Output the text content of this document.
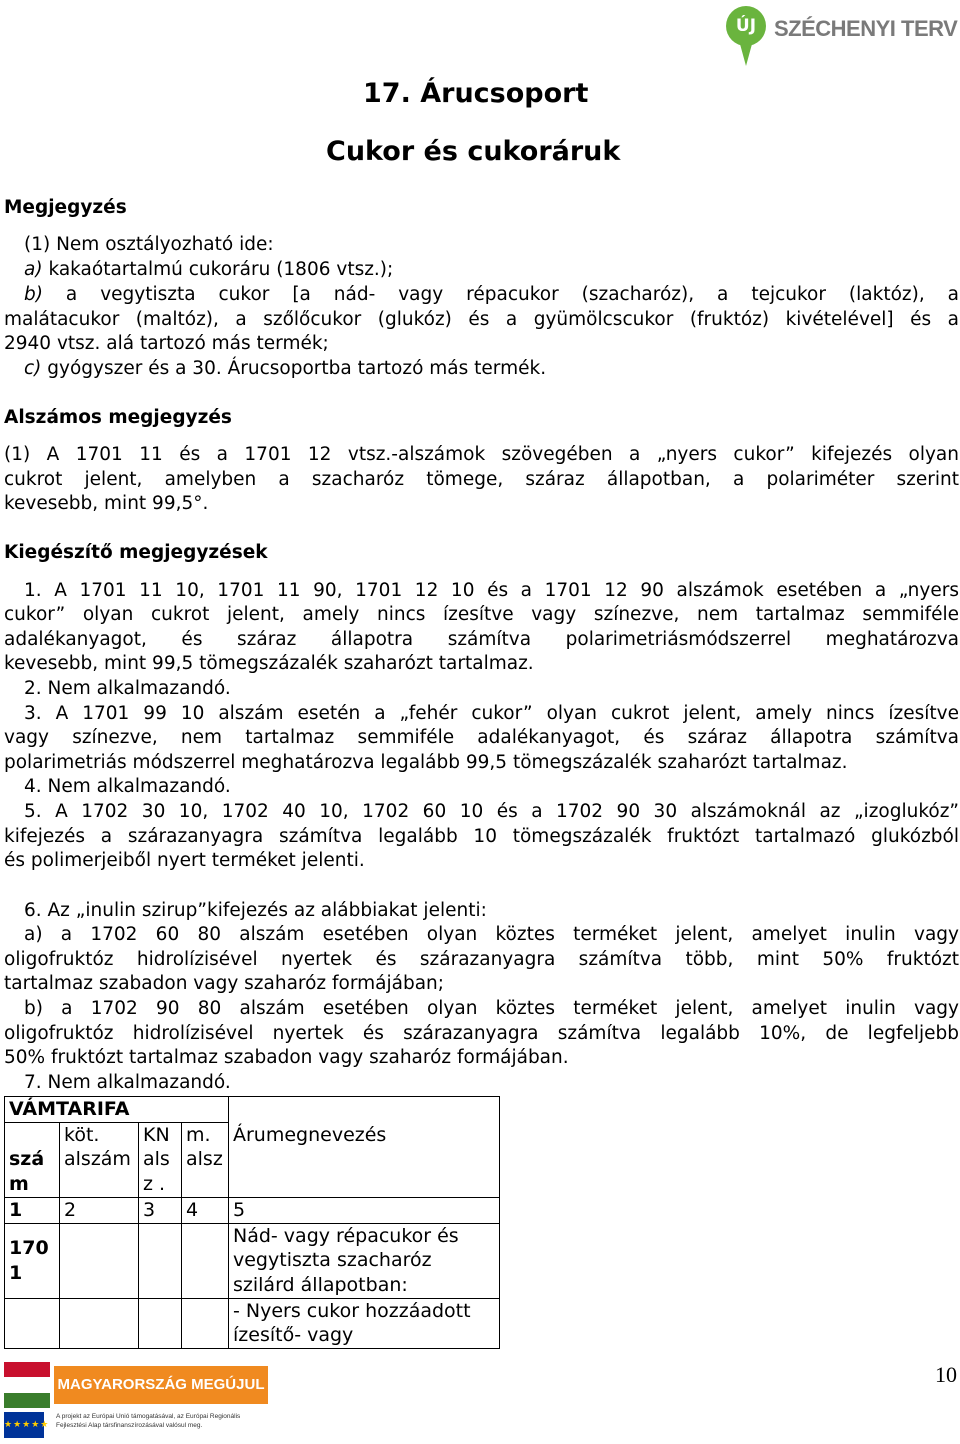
ÚJ SZÉCHENYI TERV
17. Árucsoport
Cukor és cukoráruk
Megjegyzés
(1) Nem osztályozható ide:
a) kakaótartalmú cukoráru (1806 vtsz.);
b) a vegytiszta cukor [a nád- vagy répacukor (szacharóz), a tejcukor (laktóz), a
malátacukor (maltóz), a szőlőcukor (glukóz) és a gyümölcscukor (fruktóz) kivételével] és a
2940 vtsz. alá tartozó más termék;
c) gyógyszer és a 30. Árucsoportba tartozó más termék.
Alszámos megjegyzés
(1) A 1701 11 és a 1701 12 vtsz.-alszámok szövegében a „nyers cukor” kifejezés olyan
cukrot jelent, amelyben a szacharóz tömege, száraz állapotban, a polariméter szerint
kevesebb, mint 99,5°.
Kiegészítő megjegyzések
1. A 1701 11 10, 1701 11 90, 1701 12 10 és a 1701 12 90 alszámok esetében a „nyers
cukor” olyan cukrot jelent, amely nincs ízesítve vagy színezve, nem tartalmaz semmiféle
adalékanyagot, és száraz állapotra számítva polarimetriásmódszerrel meghatározva
kevesebb, mint 99,5 tömegszázalék szaharózt tartalmaz.
2. Nem alkalmazandó.
3. A 1701 99 10 alszám esetén a „fehér cukor” olyan cukrot jelent, amely nincs ízesítve
vagy színezve, nem tartalmaz semmiféle adalékanyagot, és száraz állapotra számítva
polarimetriás módszerrel meghatározva legalább 99,5 tömegszázalék szaharózt tartalmaz.
4. Nem alkalmazandó.
5. A 1702 30 10, 1702 40 10, 1702 60 10 és a 1702 90 30 alszámoknál az „izoglukóz”
kifejezés a szárazanyagra számítva legalább 10 tömegszázalék fruktózt tartalmazó glukózból
és polimerjeiből nyert terméket jelenti.
6. Az „inulin szirup”kifejezés az alábbiakat jelenti:
a) a 1702 60 80 alszám esetében olyan köztes terméket jelent, amelyet inulin vagy
oligofruktóz hidrolízisével nyertek és szárazanyagra számítva több, mint 50% fruktózt
tartalmaz szabadon vagy szaharóz formájában;
b) a 1702 90 80 alszám esetében olyan köztes terméket jelent, amelyet inulin vagy
oligofruktóz hidrolízisével nyertek és szárazanyagra számítva legalább 10%, de legfeljebb
50% fruktózt tartalmaz szabadon vagy szaharóz formájában.
7. Nem alkalmazandó.
VÁMTARIFA				Árumegnevezés
szá m	köt. alszám	KN alsz .	m. alsz	
1	2	3	4	5
170 1				Nád- vagy répacukor és vegytiszta szacharóz szilárd állapotban:
				- Nyers cukor hozzáadott ízesítő- vagy
MAGYARORSZÁG MEGÚJUL
★★★★★
A projekt az Európai Unió támogatásával, az Európai Regionális Fejlesztési Alap társfinanszírozásával valósul meg.
10
